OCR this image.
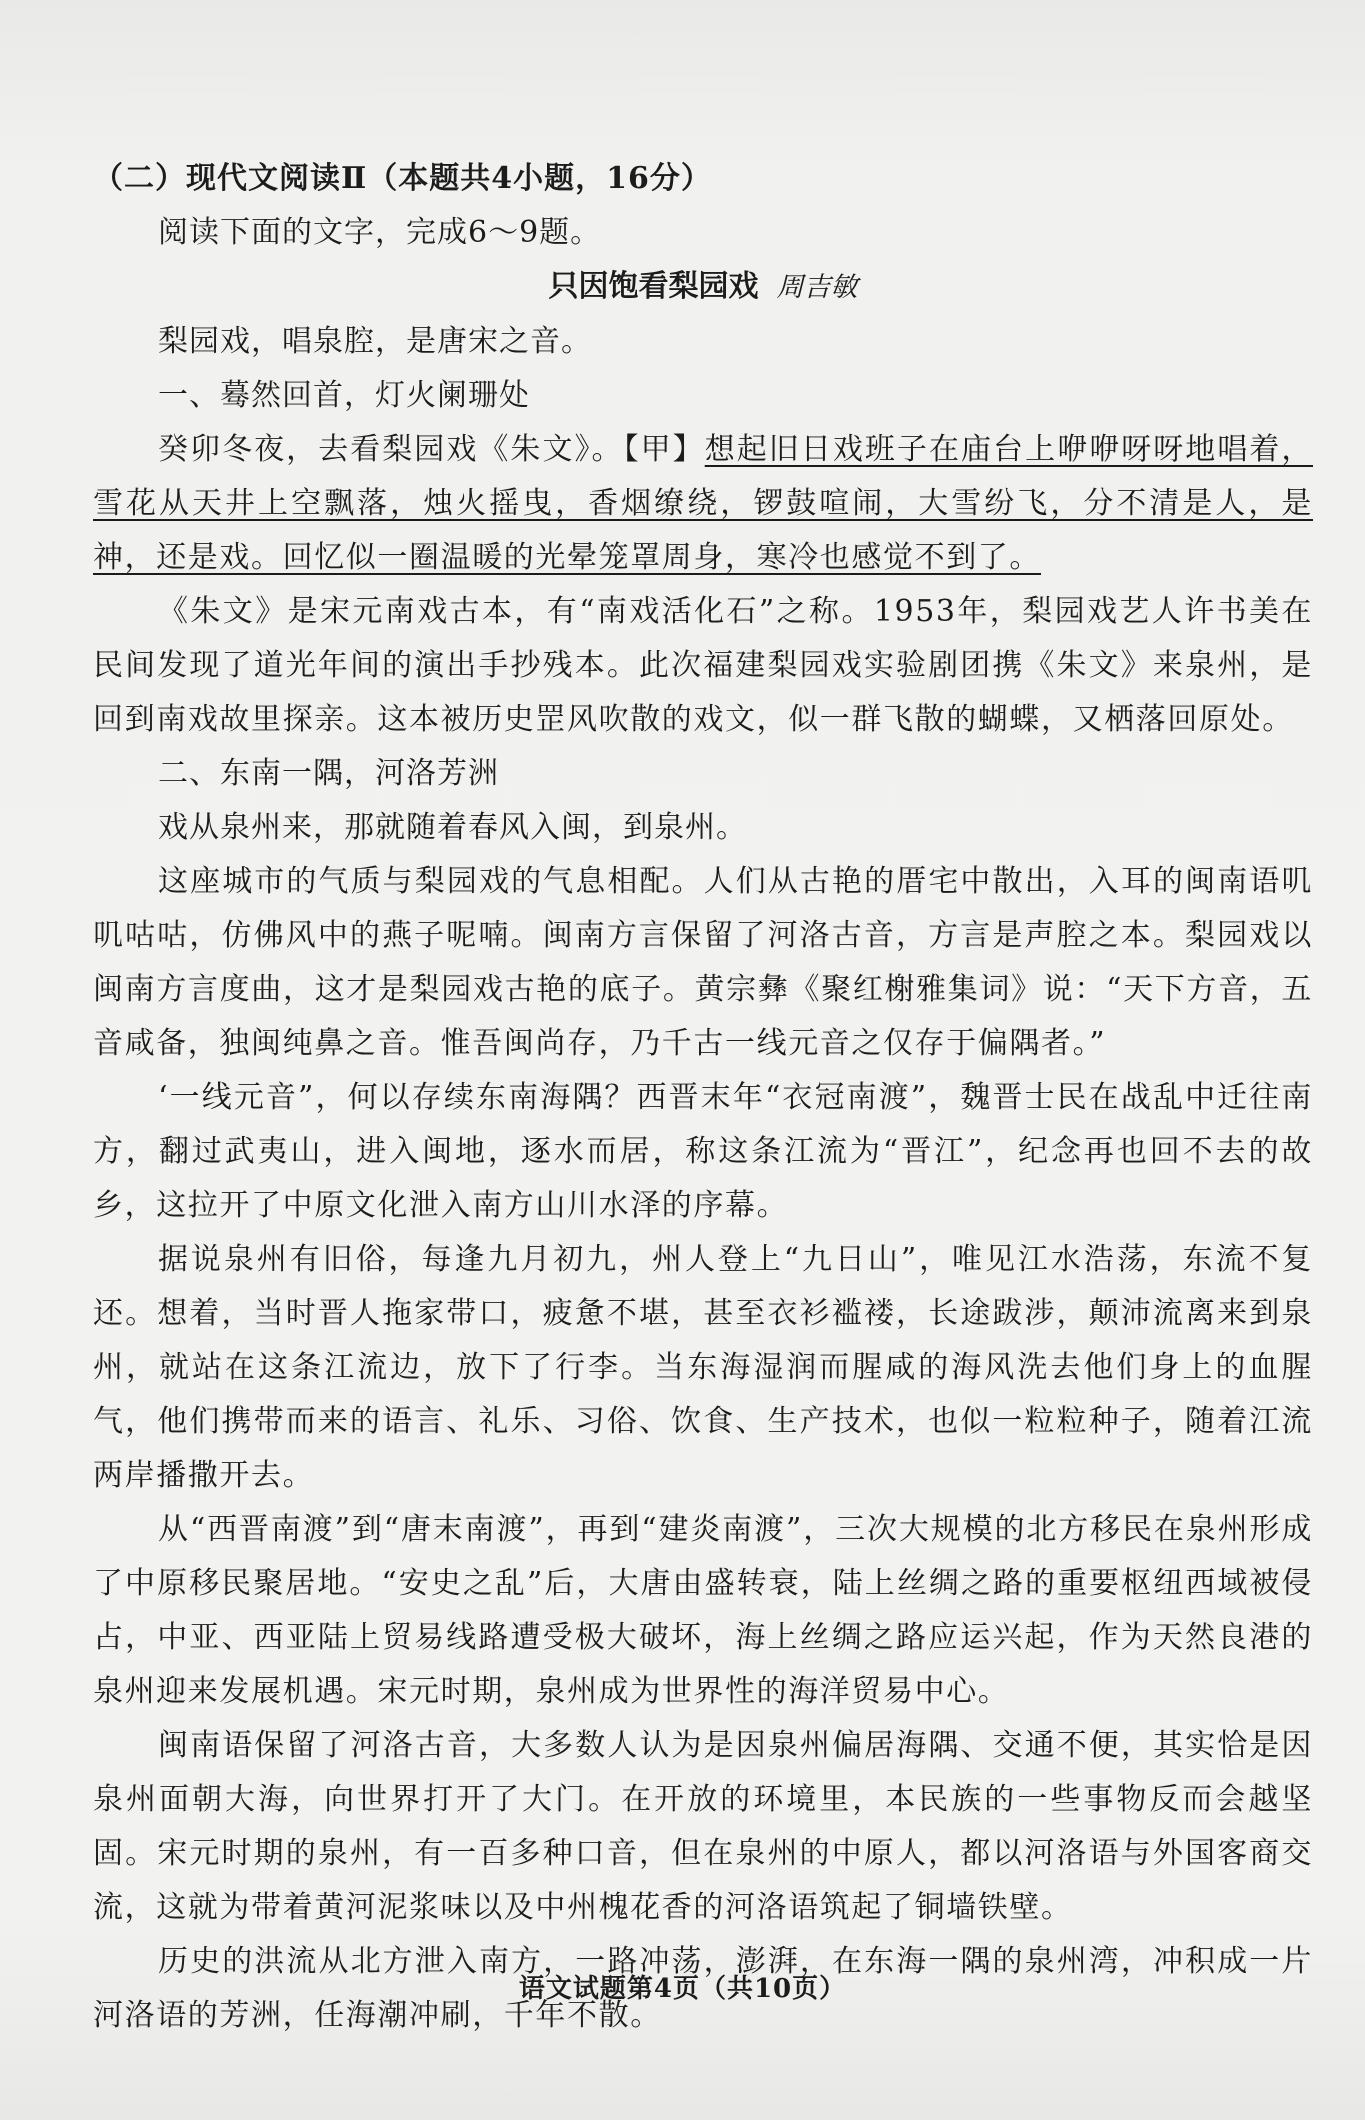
（二）现代文阅读Ⅱ（本题共4小题，16分）

阅读下面的文字，完成6～9题。

只因饱看梨园戏 周吉敏

梨园戏，唱泉腔，是唐宋之音。

一、蓦然回首，灯火阑珊处

癸卯冬夜，去看梨园戏《朱文》。【甲】想起旧日戏班子在庙台上咿咿呀呀地唱着，雪花从天井上空飘落，烛火摇曳，香烟缭绕，锣鼓喧闹，大雪纷飞，分不清是人，是神，还是戏。回忆似一圈温暖的光晕笼罩周身，寒冷也感觉不到了。

《朱文》是宋元南戏古本，有“南戏活化石”之称。1953年，梨园戏艺人许书美在民间发现了道光年间的演出手抄残本。此次福建梨园戏实验剧团携《朱文》来泉州，是回到南戏故里探亲。这本被历史罡风吹散的戏文，似一群飞散的蝴蝶，又栖落回原处。

二、东南一隅，河洛芳洲

戏从泉州来，那就随着春风入闽，到泉州。

这座城市的气质与梨园戏的气息相配。人们从古艳的厝宅中散出，入耳的闽南语叽叽咕咕，仿佛风中的燕子呢喃。闽南方言保留了河洛古音，方言是声腔之本。梨园戏以闽南方言度曲，这才是梨园戏古艳的底子。黄宗彝《聚红榭雅集词》说：“天下方音，五音咸备，独闽纯鼻之音。惟吾闽尚存，乃千古一线元音之仅存于偏隅者。”

‘一线元音”，何以存续东南海隅？西晋末年“衣冠南渡”，魏晋士民在战乱中迁往南方，翻过武夷山，进入闽地，逐水而居，称这条江流为“晋江”，纪念再也回不去的故乡，这拉开了中原文化泄入南方山川水泽的序幕。

据说泉州有旧俗，每逢九月初九，州人登上“九日山”，唯见江水浩荡，东流不复还。想着，当时晋人拖家带口，疲惫不堪，甚至衣衫褴褛，长途跋涉，颠沛流离来到泉州，就站在这条江流边，放下了行李。当东海湿润而腥咸的海风洗去他们身上的血腥气，他们携带而来的语言、礼乐、习俗、饮食、生产技术，也似一粒粒种子，随着江流两岸播撒开去。

从“西晋南渡”到“唐末南渡”，再到“建炎南渡”，三次大规模的北方移民在泉州形成了中原移民聚居地。“安史之乱”后，大唐由盛转衰，陆上丝绸之路的重要枢纽西域被侵占，中亚、西亚陆上贸易线路遭受极大破坏，海上丝绸之路应运兴起，作为天然良港的泉州迎来发展机遇。宋元时期，泉州成为世界性的海洋贸易中心。

闽南语保留了河洛古音，大多数人认为是因泉州偏居海隅、交通不便，其实恰是因泉州面朝大海，向世界打开了大门。在开放的环境里，本民族的一些事物反而会越坚固。宋元时期的泉州，有一百多种口音，但在泉州的中原人，都以河洛语与外国客商交流，这就为带着黄河泥浆味以及中州槐花香的河洛语筑起了铜墙铁壁。

历史的洪流从北方泄入南方，一路冲荡，澎湃，在东海一隅的泉州湾，冲积成一片河洛语的芳洲，任海潮冲刷，千年不散。

语文试题第4页（共10页）
